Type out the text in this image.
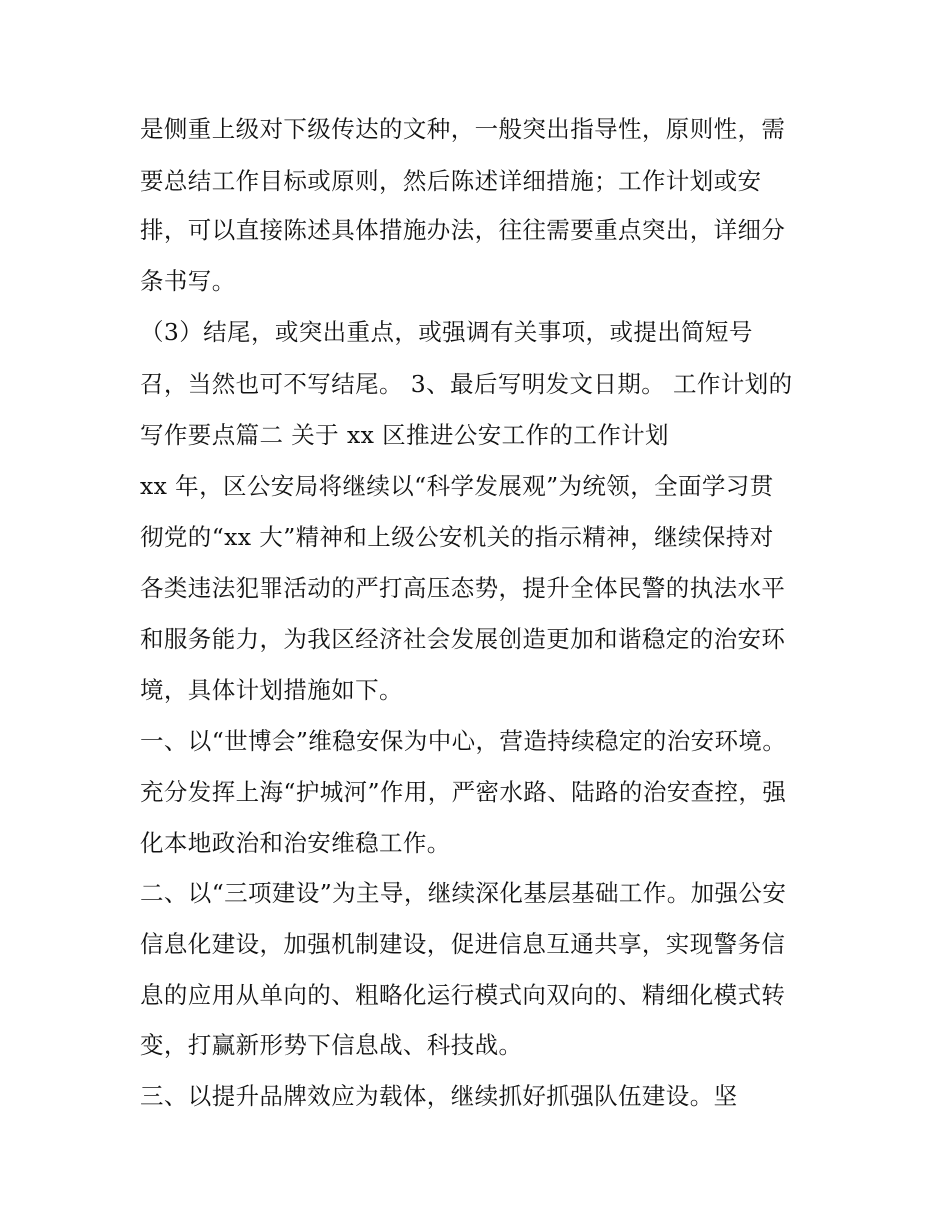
是侧重上级对下级传达的文种，一般突出指导性，原则性，需

要总结工作目标或原则，然后陈述详细措施；工作计划或安

排，可以直接陈述具体措施办法，往往需要重点突出，详细分

条书写。

（3）结尾，或突出重点，或强调有关事项，或提出简短号

召，当然也可不写结尾。 3、最后写明发文日期。 工作计划的

写作要点篇二 关于 xx 区推进公安工作的工作计划

xx 年，区公安局将继续以“科学发展观”为统领，全面学习贯

彻党的“xx 大”精神和上级公安机关的指示精神，继续保持对

各类违法犯罪活动的严打高压态势，提升全体民警的执法水平

和服务能力，为我区经济社会发展创造更加和谐稳定的治安环

境，具体计划措施如下。

一、以“世博会”维稳安保为中心，营造持续稳定的治安环境。

充分发挥上海“护城河”作用，严密水路、陆路的治安查控，强

化本地政治和治安维稳工作。

二、以“三项建设”为主导，继续深化基层基础工作。加强公安

信息化建设，加强机制建设，促进信息互通共享，实现警务信

息的应用从单向的、粗略化运行模式向双向的、精细化模式转

变，打赢新形势下信息战、科技战。

三、以提升品牌效应为载体，继续抓好抓强队伍建设。坚
